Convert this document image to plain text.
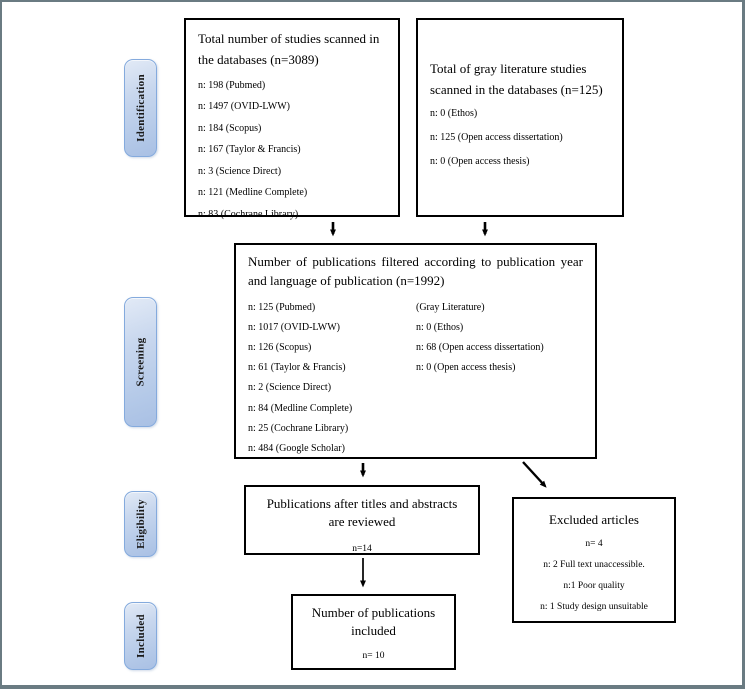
Identification
Screening
Eligibility
Included
Total number of studies scanned in the databases (n=3089)
n: 198 (Pubmed)
n: 1497 (OVID-LWW)
n: 184 (Scopus)
n: 167 (Taylor & Francis)
n: 3 (Science Direct)
n: 121 (Medline Complete)
n: 83 (Cochrane Library)
Total of gray literature studies scanned in the databases (n=125)
n: 0 (Ethos)
n: 125 (Open access dissertation)
n: 0 (Open access thesis)
Number of publications filtered according to publication year and language of publication (n=1992)
n: 125 (Pubmed)
n: 1017 (OVID-LWW)
n: 126 (Scopus)
n: 61 (Taylor & Francis)
n: 2 (Science Direct)
n: 84 (Medline Complete)
n: 25 (Cochrane Library)
n: 484 (Google Scholar)
(Gray Literature)
n: 0 (Ethos)
n: 68 (Open access dissertation)
n: 0 (Open access thesis)
Publications after titles and abstracts are reviewed
n=14
Excluded articles
n= 4
n: 2 Full text unaccessible.
n:1 Poor quality
n: 1 Study design unsuitable
Number of publications included
n= 10
